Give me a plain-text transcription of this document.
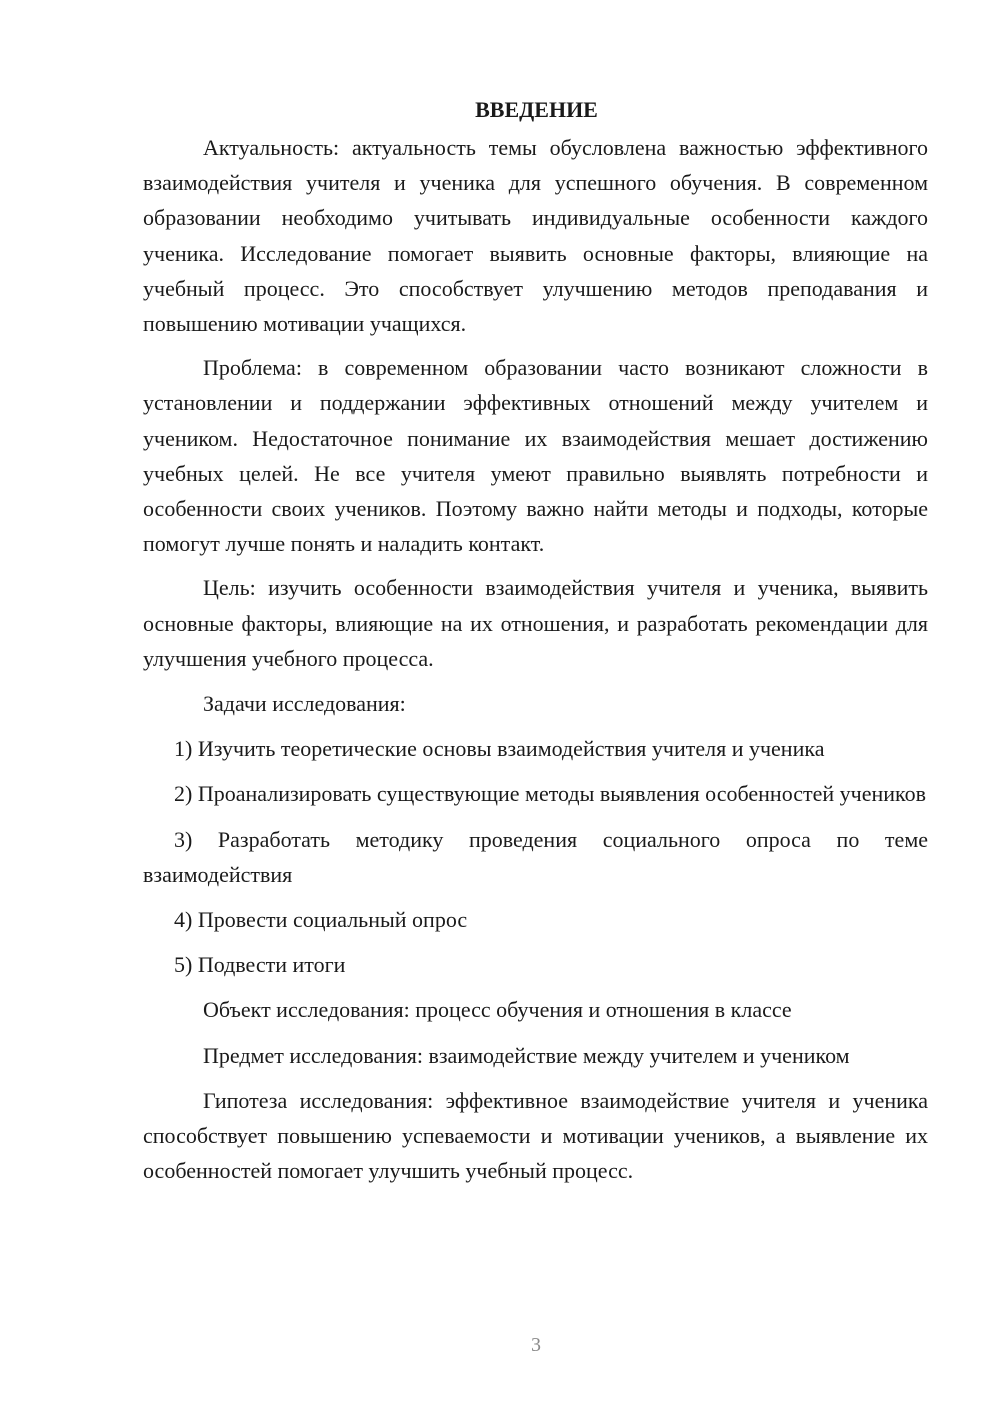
ВВЕДЕНИЕ

Актуальность: актуальность темы обусловлена важностью эффективного взаимодействия учителя и ученика для успешного обучения. В современном образовании необходимо учитывать индивидуальные особенности каждого ученика. Исследование помогает выявить основные факторы, влияющие на учебный процесс. Это способствует улучшению методов преподавания и повышению мотивации учащихся.

Проблема: в современном образовании часто возникают сложности в установлении и поддержании эффективных отношений между учителем и учеником. Недостаточное понимание их взаимодействия мешает достижению учебных целей. Не все учителя умеют правильно выявлять потребности и особенности своих учеников. Поэтому важно найти методы и подходы, которые помогут лучше понять и наладить контакт.

Цель: изучить особенности взаимодействия учителя и ученика, выявить основные факторы, влияющие на их отношения, и разработать рекомендации для улучшения учебного процесса.

Задачи исследования:

1) Изучить теоретические основы взаимодействия учителя и ученика

2) Проанализировать существующие методы выявления особенностей учеников

3) Разработать методику проведения социального опроса по теме взаимодействия

4) Провести социальный опрос

5) Подвести итоги

Объект исследования: процесс обучения и отношения в классе

Предмет исследования: взаимодействие между учителем и учеником

Гипотеза исследования: эффективное взаимодействие учителя и ученика способствует повышению успеваемости и мотивации учеников, а выявление их особенностей помогает улучшить учебный процесс.

3
